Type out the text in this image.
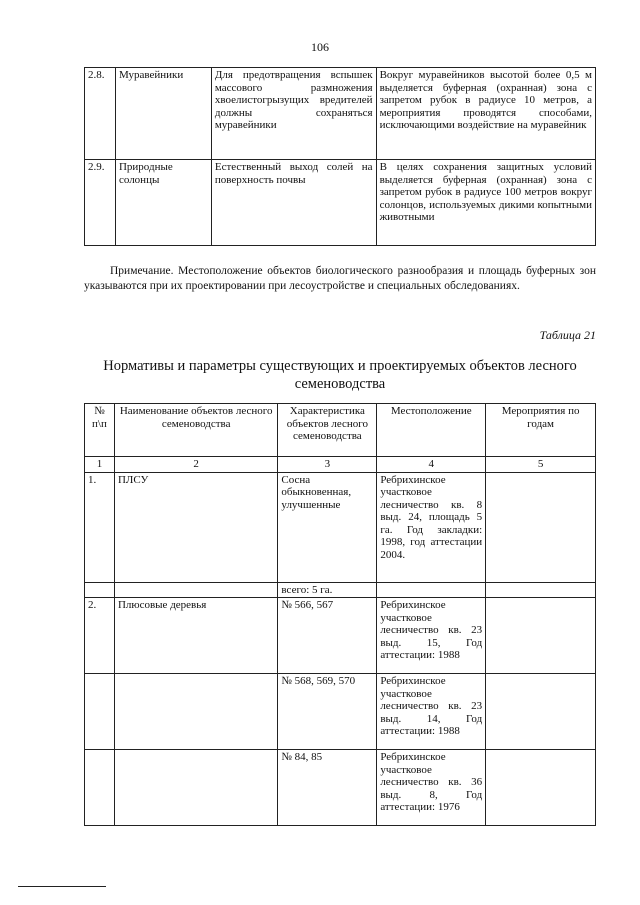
106
2.8.	Муравейники	Для предотвращения вспышек массового размножения хвоелистогрызущих вредителей должны сохраняться муравейники	Вокруг муравейников высотой более 0,5 м выделяется буферная (охранная) зона с запретом рубок в радиусе 10 метров, а мероприятия проводятся способами, исключающими воздействие на муравейник
2.9.	Природные солонцы	Естественный выход солей на поверхность почвы	В целях сохранения защитных условий выделяется буферная (охранная) зона с запретом рубок в радиусе 100 метров вокруг солонцов, используемых дикими копытными животными
Примечание. Местоположение объектов биологического разнообразия и площадь буферных зон указываются при их проектировании при лесоустройстве и специальных обследованиях.
Таблица 21
Нормативы и параметры существующих и проектируемых объектов лесного семеноводства
№ п\п	Наименование объектов лесного семеноводства	Характеристика объектов лесного семеноводства	Местоположение	Мероприятия по годам
1	2	3	4	5
1.	ПЛСУ	Сосна обыкновенная, улучшенные	Ребрихинское участковое лесничество кв. 8 выд. 24, площадь 5 га. Год закладки: 1998, год аттестации 2004.	
		всего: 5 га.		
2.	Плюсовые деревья	№ 566, 567	Ребрихинское участковое лесничество кв. 23 выд. 15, Год аттестации: 1988	
		№ 568, 569, 570	Ребрихинское участковое лесничество кв. 23 выд. 14, Год аттестации: 1988	
		№ 84, 85	Ребрихинское участковое лесничество кв. 36 выд. 8, Год аттестации: 1976	
